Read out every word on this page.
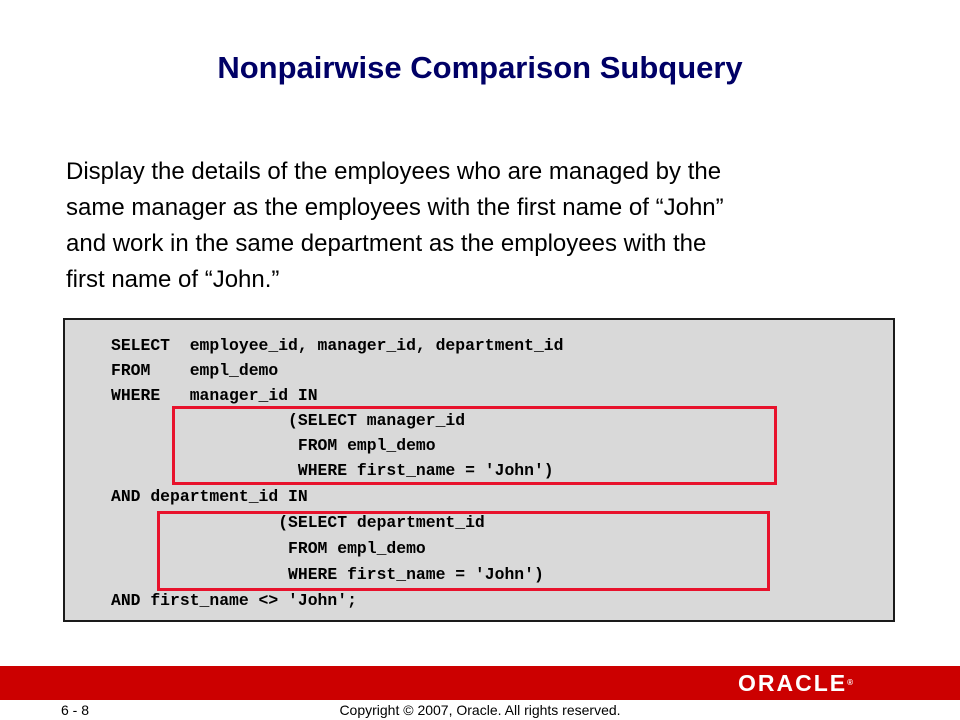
Nonpairwise Comparison Subquery
Display the details of the employees who are managed by the
same manager as the employees with the first name of “John”
and work in the same department as the employees with the
first name of “John.”
SELECT  employee_id, manager_id, department_id
FROM    empl_demo
WHERE   manager_id IN
(SELECT manager_id
FROM empl_demo
WHERE first_name = 'John')
AND department_id IN
(SELECT department_id
FROM empl_demo
WHERE first_name = 'John')
AND first_name <> 'John';
ORACLE®
6 - 8	Copyright © 2007, Oracle. All rights reserved.
